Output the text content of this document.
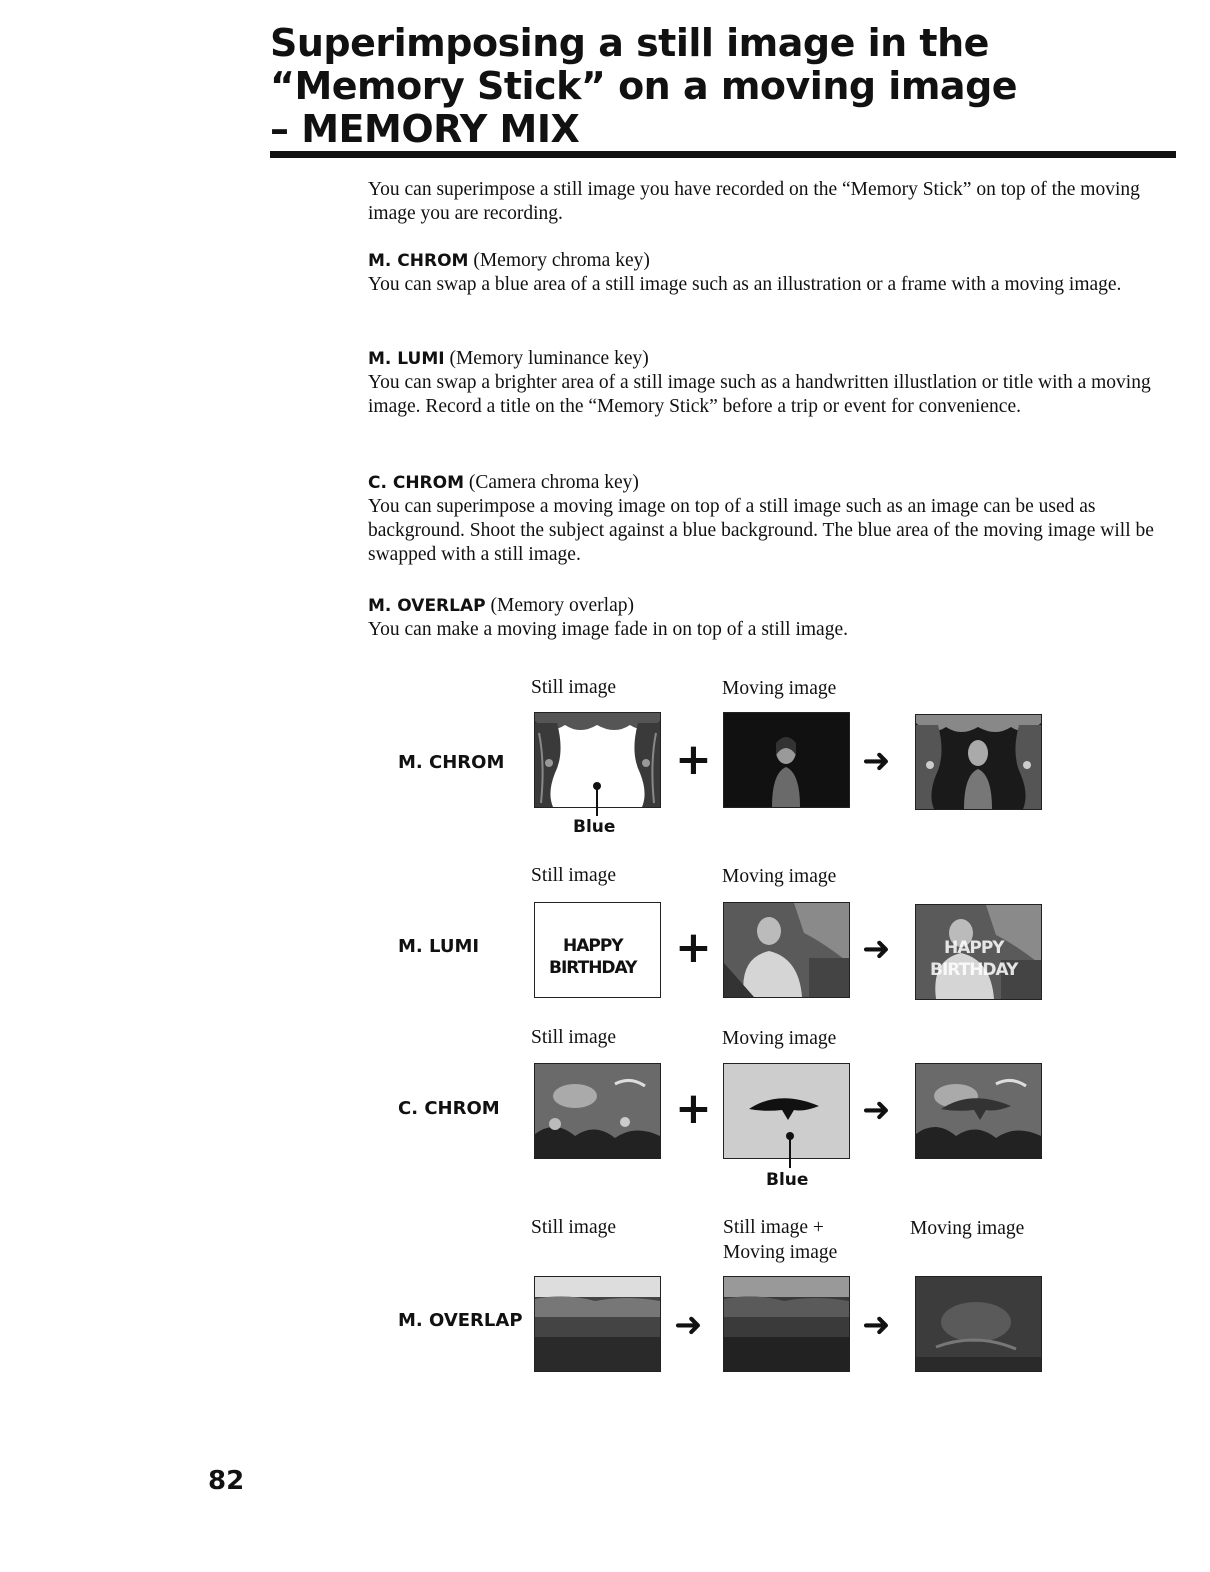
Superimposing a still image in the
“Memory Stick” on a moving image
– MEMORY MIX
You can superimpose a still image you have recorded on the “Memory Stick” on top of the moving image you are recording.
M. CHROM (Memory chroma key)
You can swap a blue area of a still image such as an illustration or a frame with a moving image.
M. LUMI (Memory luminance key)
You can swap a brighter area of a still image such as a handwritten illustlation or title with a moving image. Record a title on the “Memory Stick” before a trip or event for convenience.
C. CHROM (Camera chroma key)
You can superimpose a moving image on top of a still image such as an image can be used as background. Shoot the subject against a blue background. The blue area of the moving image will be swapped with a still image.
M. OVERLAP (Memory overlap)
You can make a moving image fade in on top of a still image.
Still image	Moving image
M. CHROM
Blue
+	➜
Still image	Moving image
M. LUMI	HAPPY
BIRTHDAY +	➜	HAPPY
BIRTHDAY
Still image	Moving image
C. CHROM	+
Blue
➜
Still image	Still image +
Moving image
Moving image
M. OVERLAP	➜	➜
82
